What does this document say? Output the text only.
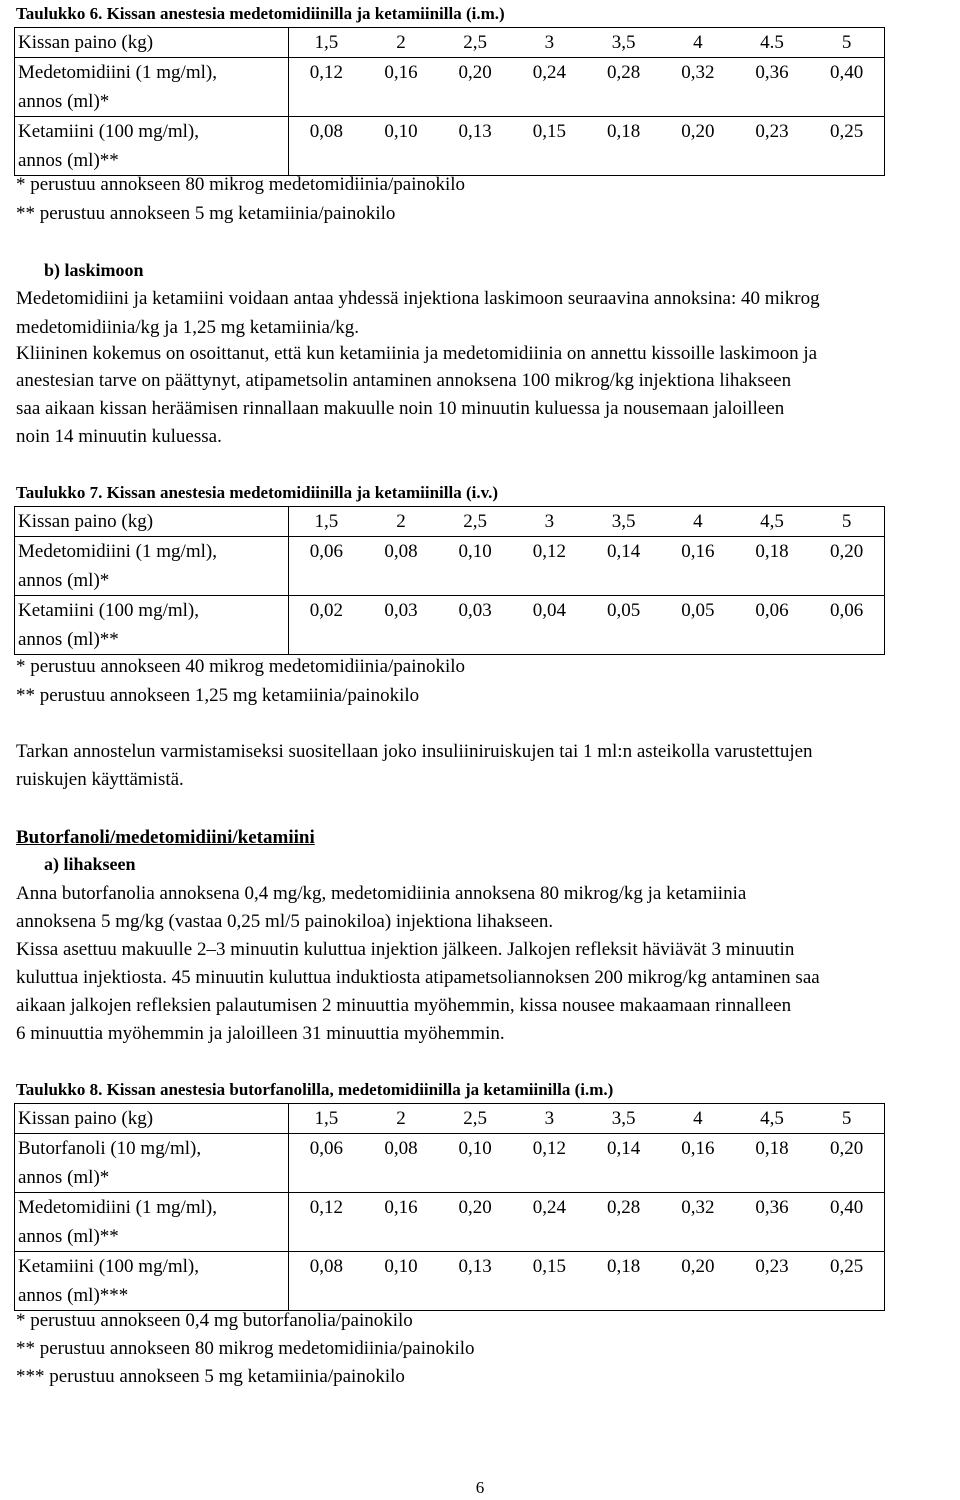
Taulukko 6. Kissan anestesia medetomidiinilla ja ketamiinilla (i.m.)
Kissan paino (kg)	1,5	2	2,5	3	3,5	4	4.5	5
Medetomidiini (1 mg/ml),	0,12	0,16	0,20	0,24	0,28	0,32	0,36	0,40
annos (ml)*								
Ketamiini (100 mg/ml),	0,08	0,10	0,13	0,15	0,18	0,20	0,23	0,25
annos (ml)**								
* perustuu annokseen 80 mikrog medetomidiinia/painokilo
** perustuu annokseen 5 mg ketamiinia/painokilo
b) laskimoon
Medetomidiini ja ketamiini voidaan antaa yhdessä injektiona laskimoon seuraavina annoksina: 40 mikrog
medetomidiinia/kg ja 1,25 mg ketamiinia/kg.
Kliininen kokemus on osoittanut, että kun ketamiinia ja medetomidiinia on annettu kissoille laskimoon ja
anestesian tarve on päättynyt, atipametsolin antaminen annoksena 100 mikrog/kg injektiona lihakseen
saa aikaan kissan heräämisen rinnallaan makuulle noin 10 minuutin kuluessa ja nousemaan jaloilleen
noin 14 minuutin kuluessa.
Taulukko 7. Kissan anestesia medetomidiinilla ja ketamiinilla (i.v.)
Kissan paino (kg)	1,5	2	2,5	3	3,5	4	4,5	5
Medetomidiini (1 mg/ml),	0,06	0,08	0,10	0,12	0,14	0,16	0,18	0,20
annos (ml)*								
Ketamiini (100 mg/ml),	0,02	0,03	0,03	0,04	0,05	0,05	0,06	0,06
annos (ml)**								
* perustuu annokseen 40 mikrog medetomidiinia/painokilo
** perustuu annokseen 1,25 mg ketamiinia/painokilo
Tarkan annostelun varmistamiseksi suositellaan joko insuliiniruiskujen tai 1 ml:n asteikolla varustettujen
ruiskujen käyttämistä.
Butorfanoli/medetomidiini/ketamiini
a) lihakseen
Anna butorfanolia annoksena 0,4 mg/kg, medetomidiinia annoksena 80 mikrog/kg ja ketamiinia
annoksena 5 mg/kg (vastaa 0,25 ml/5 painokiloa) injektiona lihakseen.
Kissa asettuu makuulle 2–3 minuutin kuluttua injektion jälkeen. Jalkojen refleksit häviävät 3 minuutin
kuluttua injektiosta. 45 minuutin kuluttua induktiosta atipametsoliannoksen 200 mikrog/kg antaminen saa
aikaan jalkojen refleksien palautumisen 2 minuuttia myöhemmin, kissa nousee makaamaan rinnalleen
6 minuuttia myöhemmin ja jaloilleen 31 minuuttia myöhemmin.
Taulukko 8. Kissan anestesia butorfanolilla, medetomidiinilla ja ketamiinilla (i.m.)
Kissan paino (kg)	1,5	2	2,5	3	3,5	4	4,5	5
Butorfanoli (10 mg/ml),	0,06	0,08	0,10	0,12	0,14	0,16	0,18	0,20
annos (ml)*								
Medetomidiini (1 mg/ml),	0,12	0,16	0,20	0,24	0,28	0,32	0,36	0,40
annos (ml)**								
Ketamiini (100 mg/ml),	0,08	0,10	0,13	0,15	0,18	0,20	0,23	0,25
annos (ml)***								
* perustuu annokseen 0,4 mg butorfanolia/painokilo
** perustuu annokseen 80 mikrog medetomidiinia/painokilo
*** perustuu annokseen 5 mg ketamiinia/painokilo
6
